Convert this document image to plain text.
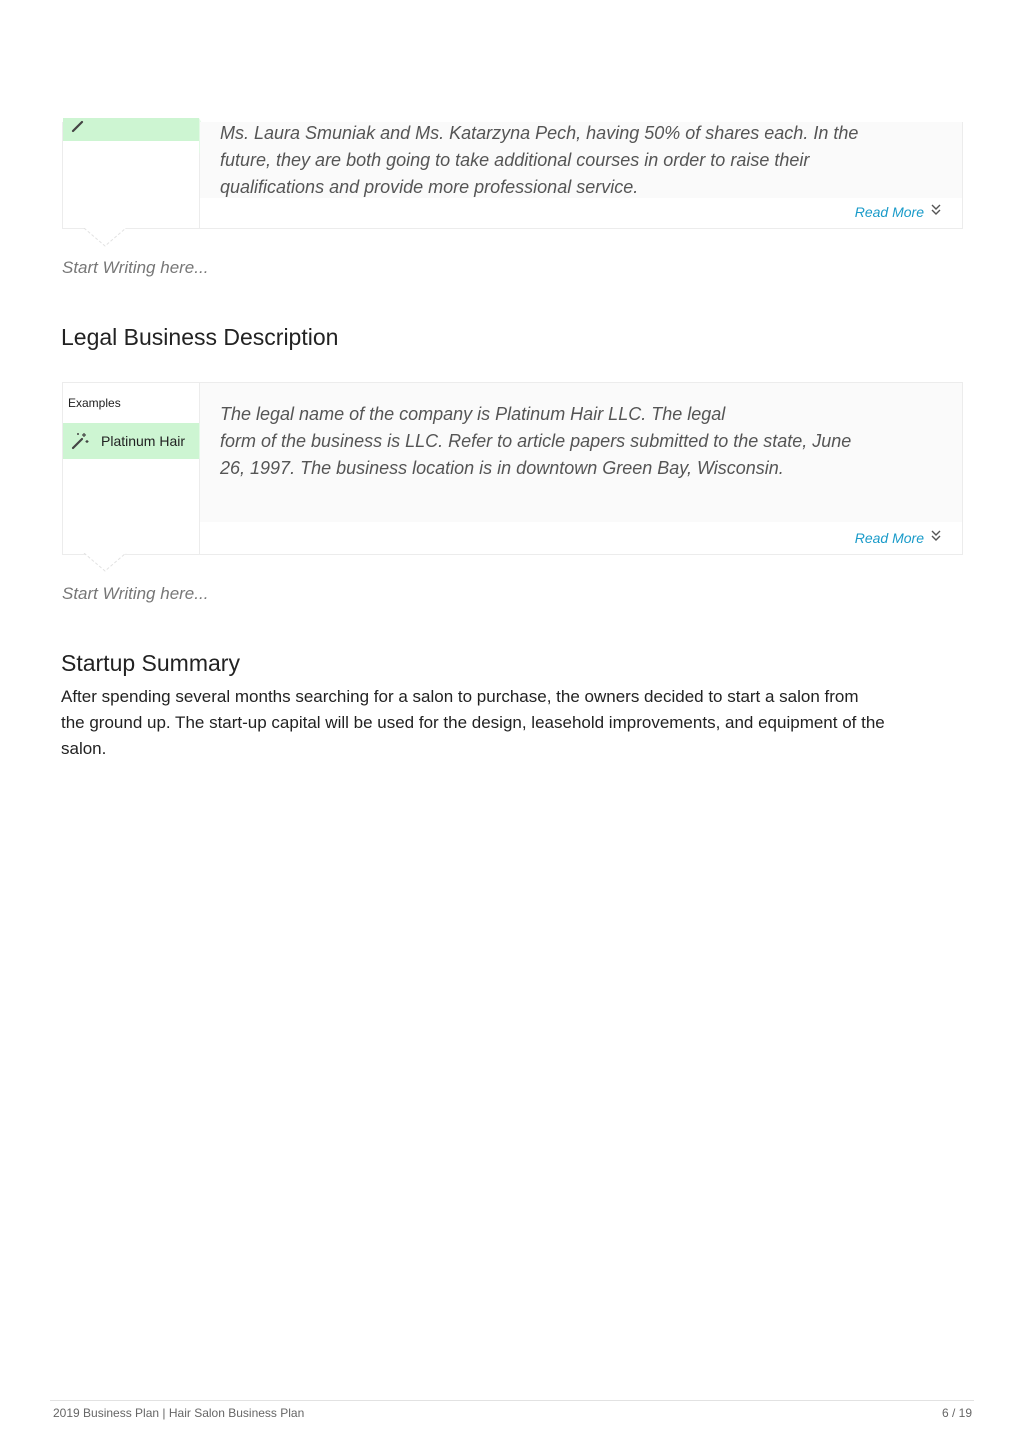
Ms. Laura Smuniak and Ms. Katarzyna Pech, having 50% of shares each. In the
future, they are both going to take additional courses in order to raise their
qualifications and provide more professional service.
Read More
Start Writing here...
Legal Business Description
Examples
Platinum Hair
The legal name of the company is Platinum Hair LLC. The legal
form of the business is LLC. Refer to article papers submitted to the state, June
26, 1997. The business location is in downtown Green Bay, Wisconsin.
Read More
Start Writing here...
Startup Summary
After spending several months searching for a salon to purchase, the owners decided to start a salon from
the ground up. The start-up capital will be used for the design, leasehold improvements, and equipment of the
salon.
2019 Business Plan | Hair Salon Business Plan	6 / 19
